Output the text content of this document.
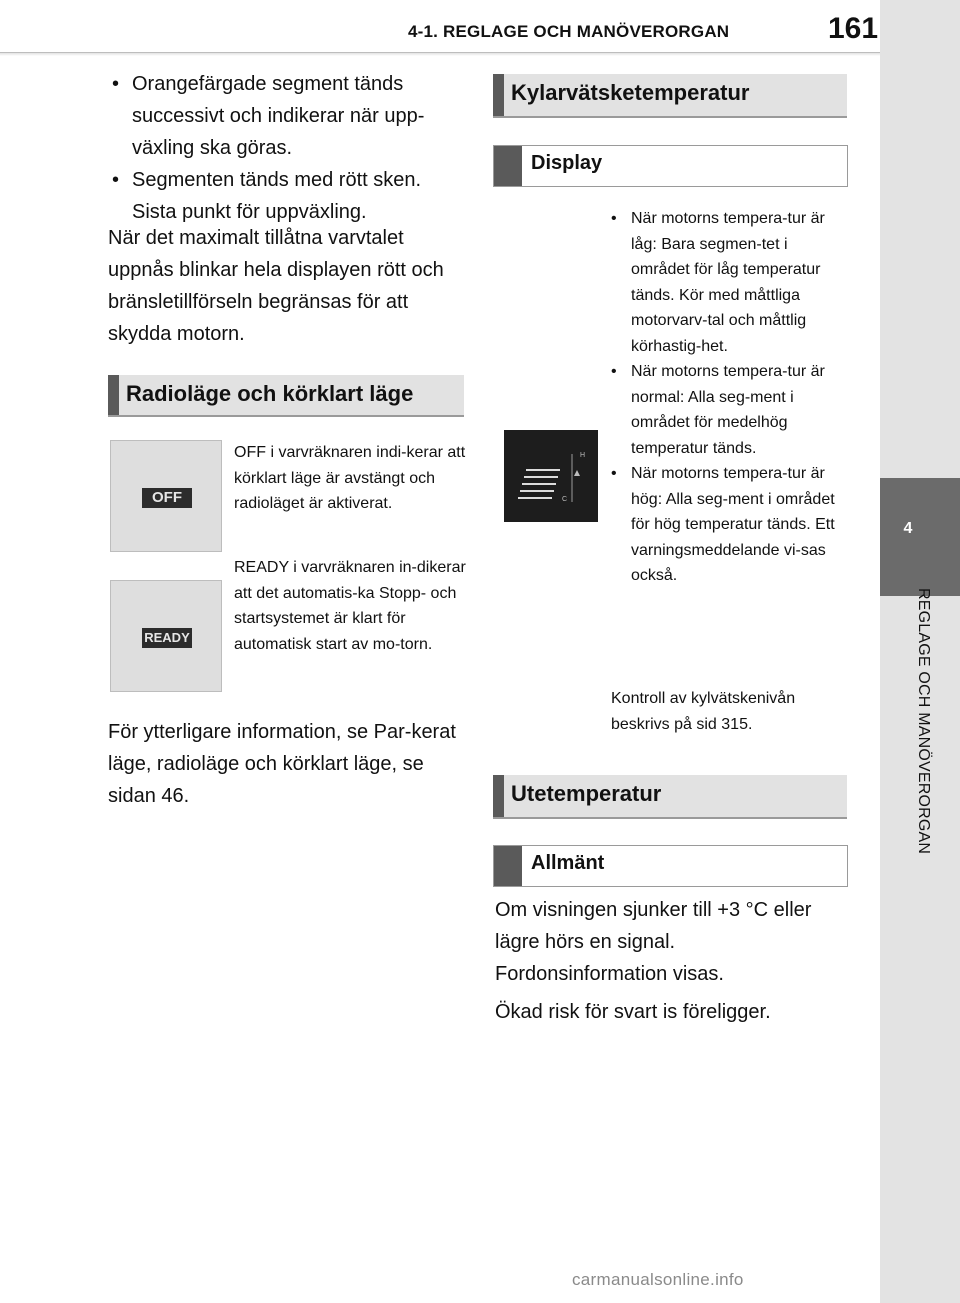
4-1. REGLAGE OCH MANÖVERORGAN	161
4
REGLAGE OCH MANÖVERORGAN
• Orangefärgade segment tänds successivt och indikerar när upp-växling ska göras.
• Segmenten tänds med rött sken. Sista punkt för uppväxling.
När det maximalt tillåtna varvtalet uppnås blinkar hela displayen rött och bränsletillförseln begränsas för att skydda motorn.
Radioläge och körklart läge
OFF
OFF i varvräknaren indi-kerar att körklart läge är avstängt och radioläget är aktiverat.
READY
READY i varvräknaren in-dikerar att det automatis-ka Stopp- och startsystemet är klart för automatisk start av mo-torn.
För ytterligare information, se Par-kerat läge, radioläge och körklart läge, se sidan 46.
Kylarvätsketemperatur
Display
H
C
• När motorns tempera-tur är låg: Bara segmen-tet i området för låg temperatur tänds. Kör med måttliga motorvarv-tal och måttlig körhastig-het.
• När motorns tempera-tur är normal: Alla seg-ment i området för medelhög temperatur tänds.
• När motorns tempera-tur är hög: Alla seg-ment i området för hög temperatur tänds. Ett varningsmeddelande vi-sas också.
Kontroll av kylvätskenivån beskrivs på sid 315.
Utetemperatur
Allmänt
Om visningen sjunker till +3 °C eller lägre hörs en signal.
Fordonsinformation visas.
Ökad risk för svart is föreligger.
carmanualsonline.info
